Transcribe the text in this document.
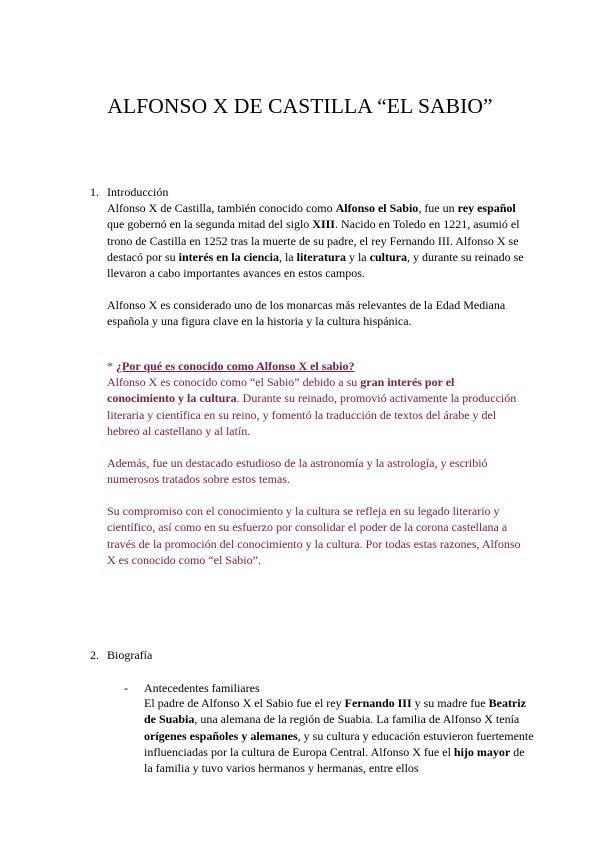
ALFONSO X DE CASTILLA “EL SABIO”
1. Introducción

Alfonso X de Castilla, también conocido como Alfonso el Sabio, fue un rey español que gobernó en la segunda mitad del siglo XIII. Nacido en Toledo en 1221, asumió el trono de Castilla en 1252 tras la muerte de su padre, el rey Fernando III. Alfonso X se destacó por su interés en la ciencia, la literatura y la cultura, y durante su reinado se llevaron a cabo importantes avances en estos campos.

Alfonso X es considerado uno de los monarcas más relevantes de la Edad Mediana española y una figura clave en la historia y la cultura hispánica.

* ¿Por qué es conocido como Alfonso X el sabio?

Alfonso X es conocido como “el Sabio” debido a su gran interés por el conocimiento y la cultura. Durante su reinado, promovió activamente la producción literaria y científica en su reino, y fomentó la traducción de textos del árabe y del hebreo al castellano y al latín.

Además, fue un destacado estudioso de la astronomía y la astrología, y escribió numerosos tratados sobre estos temas.

Su compromiso con el conocimiento y la cultura se refleja en su legado literario y científico, así como en su esfuerzo por consolidar el poder de la corona castellana a través de la promoción del conocimiento y la cultura. Por todas estas razones, Alfonso X es conocido como “el Sabio”.

2. Biografía
- Antecedentes familiares

El padre de Alfonso X el Sabio fue el rey Fernando III y su madre fue Beatriz de Suabia, una alemana de la región de Suabia. La familia de Alfonso X tenía orígenes españoles y alemanes, y su cultura y educación estuvieron fuertemente influenciadas por la cultura de Europa Central. Alfonso X fue el hijo mayor de la familia y tuvo varios hermanos y hermanas, entre ellos
